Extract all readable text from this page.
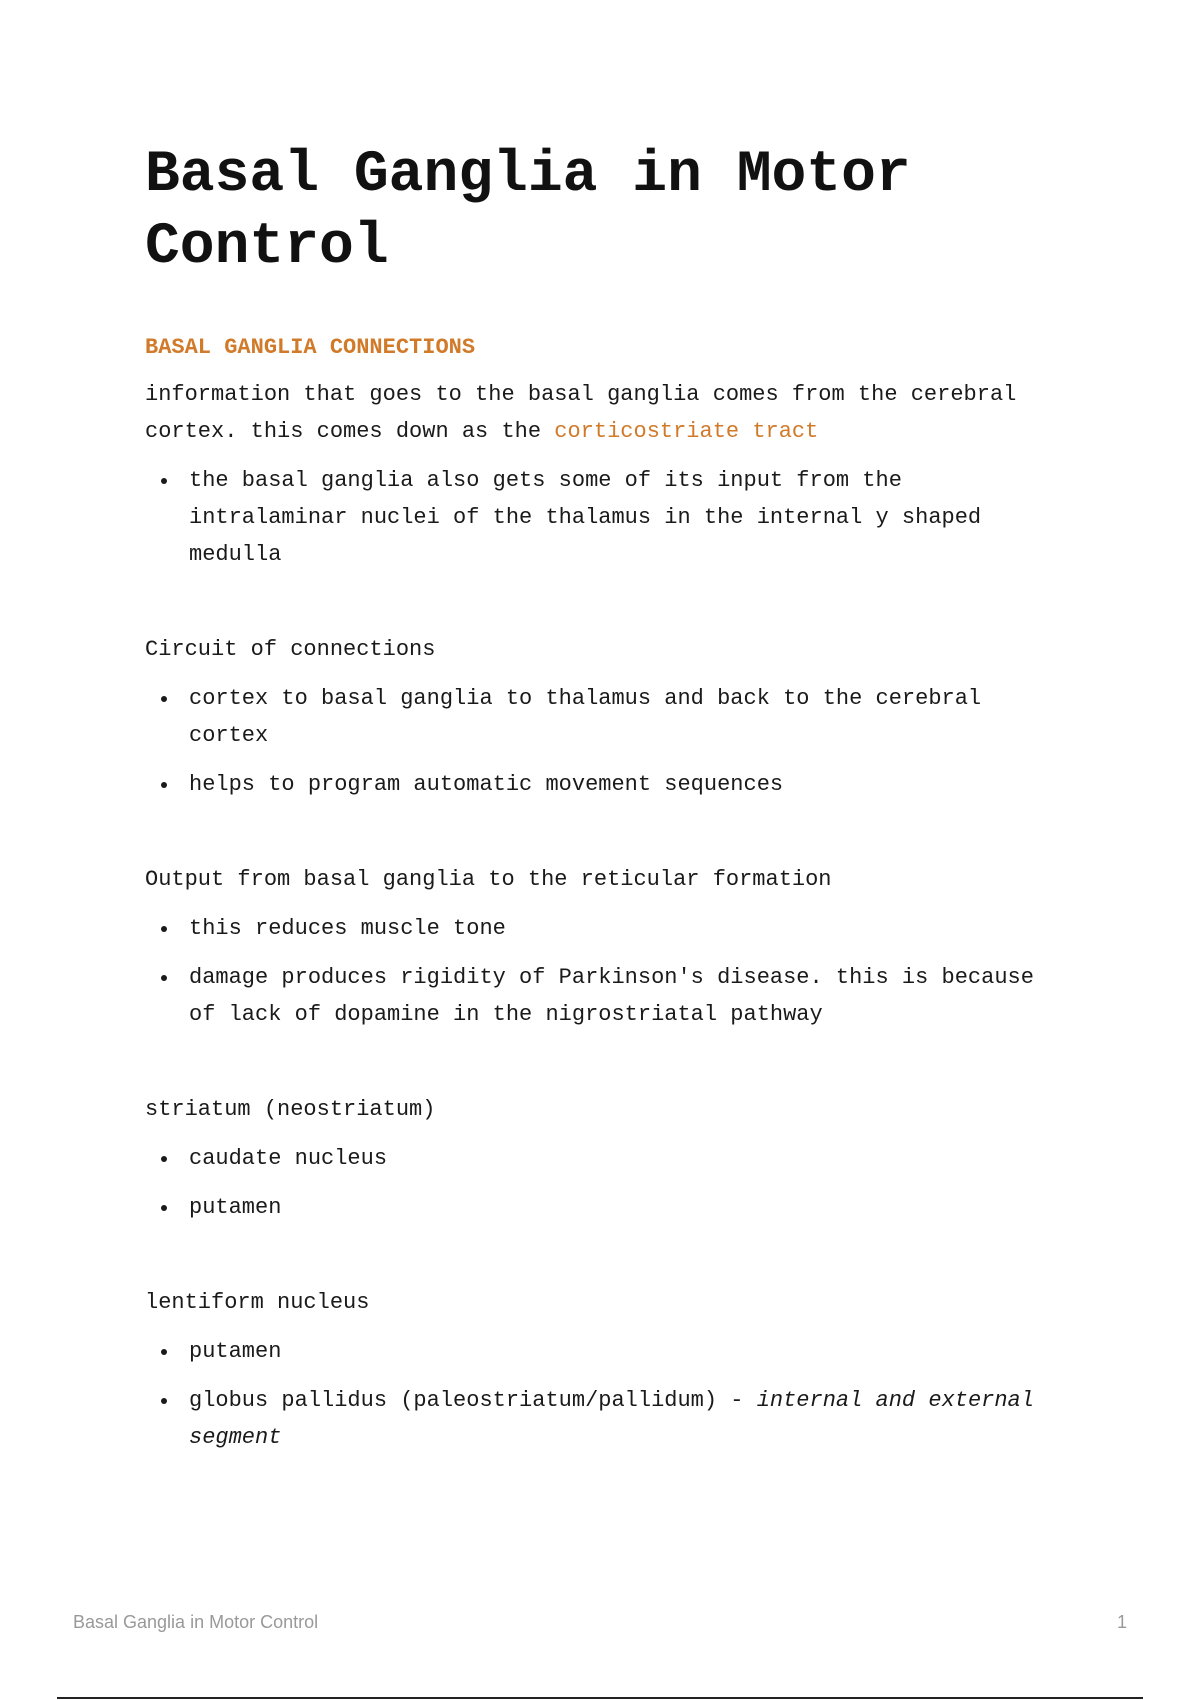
Basal Ganglia in Motor Control
BASAL GANGLIA CONNECTIONS

information that goes to the basal ganglia comes from the cerebral cortex. this comes down as the corticostriate tract

the basal ganglia also gets some of its input from the intralaminar nuclei of the thalamus in the internal y shaped medulla

Circuit of connections

cortex to basal ganglia to thalamus and back to the cerebral cortex
helps to program automatic movement sequences

Output from basal ganglia to the reticular formation

this reduces muscle tone
damage produces rigidity of Parkinson's disease. this is because of lack of dopamine in the nigrostriatal pathway

striatum (neostriatum)

caudate nucleus
putamen

lentiform nucleus

putamen
globus pallidus (paleostriatum/pallidum) - internal and external segment
Basal Ganglia in Motor Control	1
